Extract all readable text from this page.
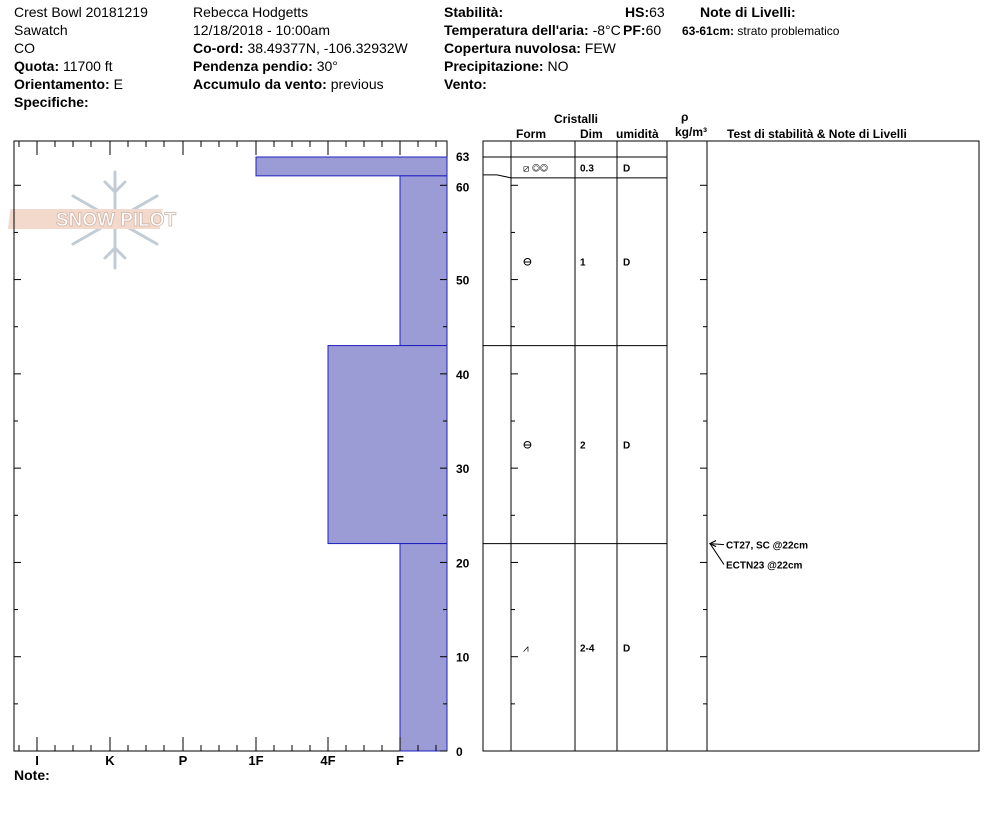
Crest Bowl 20181219
Sawatch
CO
Quota: 11700 ft
Orientamento: E
Specifiche:
Rebecca Hodgetts
12/18/2018 - 10:00am
Co-ord: 38.49377N, -106.32932W
Pendenza pendio: 30°
Accumulo da vento: previous
Stabilità:
Temperatura dell'aria: -8°C
Copertura nuvolosa: FEW
Precipitazione: NO
Vento:
HS:63
PF:60
Note di Livelli:
63-61cm: strato problematico
Cristalli
Form	Dim umidità
ρ
kg/m³ Test di stabilità & Note di Livelli
Note:
SNOW PILOT
I	K	P	1F	4F	F
0
10
20
30
40
50
60
63
⧄ ◎◎	0.3	D
ⴱ	1	D
ⴱ	2	D
⩘	2-4	D
CT27, SC @22cm
ECTN23 @22cm
